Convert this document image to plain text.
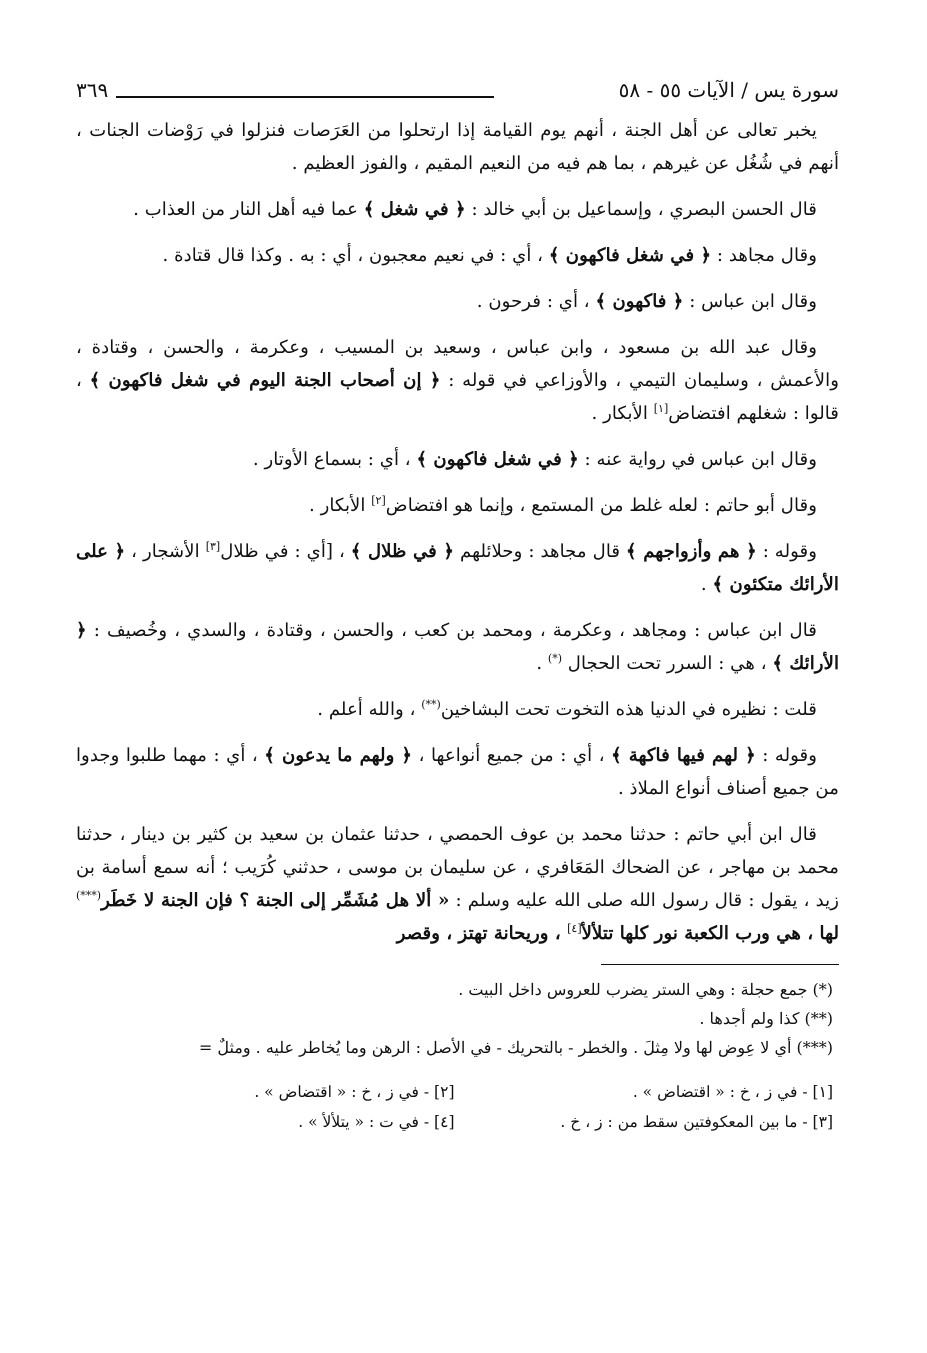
سورة يس / الآيات ٥٥ - ٥٨
٣٦٩

يخبر تعالى عن أهل الجنة ، أنهم يوم القيامة إذا ارتحلوا من العَرَصات فنزلوا في رَوْضات الجنات ، أنهم في شُغُل عن غيرهم ، بما هم فيه من النعيم المقيم ، والفوز العظيم .

قال الحسن البصري ، وإسماعيل بن أبي خالد : ﴿ في شغل ﴾ عما فيه أهل النار من العذاب .

وقال مجاهد : ﴿ في شغل فاكهون ﴾ ، أي : في نعيم معجبون ، أي : به . وكذا قال قتادة .

وقال ابن عباس : ﴿ فاكهون ﴾ ، أي : فرحون .

وقال عبد الله بن مسعود ، وابن عباس ، وسعيد بن المسيب ، وعكرمة ، والحسن ، وقتادة ، والأعمش ، وسليمان التيمي ، والأوزاعي في قوله : ﴿ إن أصحاب الجنة اليوم في شغل فاكهون ﴾ ، قالوا : شغلهم افتضاض[١] الأبكار .

وقال ابن عباس في رواية عنه : ﴿ في شغل فاكهون ﴾ ، أي : بسماع الأوتار .

وقال أبو حاتم : لعله غلط من المستمع ، وإنما هو افتضاض[٢] الأبكار .

وقوله : ﴿ هم وأزواجهم ﴾ قال مجاهد : وحلائلهم ﴿ في ظلال ﴾ ، [أي : في ظلال[٣] الأشجار ، ﴿ على الأرائك متكئون ﴾ .

قال ابن عباس : ومجاهد ، وعكرمة ، ومحمد بن كعب ، والحسن ، وقتادة ، والسدي ، وخُصيف : ﴿ الأرائك ﴾ ، هي : السرر تحت الحجال (*) .

قلت : نظيره في الدنيا هذه التخوت تحت البشاخين(**) ، والله أعلم .

وقوله : ﴿ لهم فيها فاكهة ﴾ ، أي : من جميع أنواعها ، ﴿ ولهم ما يدعون ﴾ ، أي : مهما طلبوا وجدوا من جميع أصناف أنواع الملاذ .

قال ابن أبي حاتم : حدثنا محمد بن عوف الحمصي ، حدثنا عثمان بن سعيد بن كثير بن دينار ، حدثنا محمد بن مهاجر ، عن الضحاك المَعَافري ، عن سليمان بن موسى ، حدثني كُرَيب ؛ أنه سمع أسامة بن زيد ، يقول : قال رسول الله صلى الله عليه وسلم : « ألا هل مُشَمِّر إلى الجنة ؟ فإن الجنة لا خَطَر(***) لها ، هي ورب الكعبة نور كلها تتلألأ[٤] ، وريحانة تهتز ، وقصر

(*) جمع حجلة : وهي الستر يضرب للعروس داخل البيت .

(**) كذا ولم أجدها .

(***) أي لا عِوض لها ولا مِثلَ . والخطر - بالتحريك - في الأصل : الرهن وما يُخاطر عليه . ومثلٌ =

[١] - في ز ، خ : « اقتضاض » .
[٢] - في ز ، خ : « اقتضاض » .
[٣] - ما بين المعكوفتين سقط من : ز ، خ .
[٤] - في ت : « يتلألأ » .
